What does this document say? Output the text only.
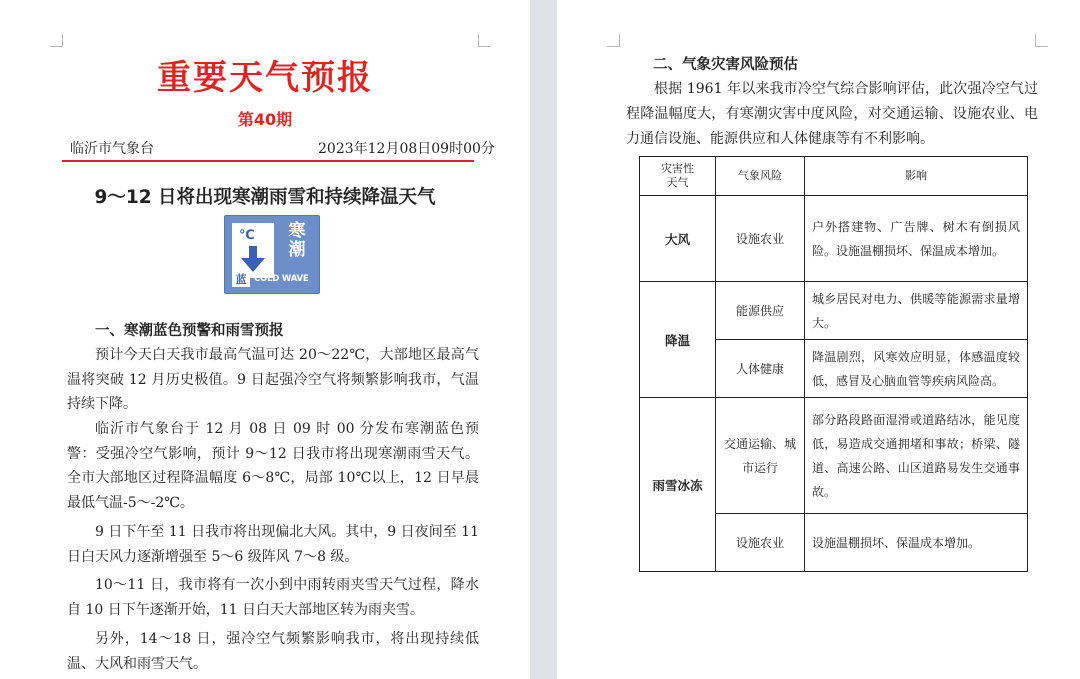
重要天气预报
第40期
临沂市气象台	2023年12月08日09时00分
9～12 日将出现寒潮雨雪和持续降温天气
℃	寒
潮
蓝 COLD WAVE
一、寒潮蓝色预警和雨雪预报
预计今天白天我市最高气温可达 20～22℃，大部地区最高气温将突破 12 月历史极值。9 日起强冷空气将频繁影响我市，气温持续下降。
临沂市气象台于 12 月 08 日 09 时 00 分发布寒潮蓝色预警：受强冷空气影响，预计 9～12 日我市将出现寒潮雨雪天气。全市大部地区过程降温幅度 6～8℃，局部 10℃以上，12 日早晨最低气温-5～-2℃。
9 日下午至 11 日我市将出现偏北大风。其中，9 日夜间至 11 日白天风力逐渐增强至 5～6 级阵风 7～8 级。
10～11 日，我市将有一次小到中雨转雨夹雪天气过程，降水自 10 日下午逐渐开始，11 日白天大部地区转为雨夹雪。
另外，14～18 日，强冷空气频繁影响我市，将出现持续低温、大风和雨雪天气。
二、气象灾害风险预估
根据 1961 年以来我市冷空气综合影响评估，此次强冷空气过程降温幅度大，有寒潮灾害中度风险，对交通运输、设施农业、电力通信设施、能源供应和人体健康等有不利影响。
灾害性
天气	气象风险	影响
大风	设施农业	户外搭建物、广告牌、树木有倒损风险。设施温棚损坏、保温成本增加。
降温	能源供应	城乡居民对电力、供暖等能源需求量增大。
	人体健康	降温剧烈，风寒效应明显，体感温度较低，感冒及心脑血管等疾病风险高。
雨雪冰冻	交通运输、城市运行	部分路段路面湿滑或道路结冰，能见度低，易造成交通拥堵和事故；桥梁、隧道、高速公路、山区道路易发生交通事故。
	设施农业	设施温棚损坏、保温成本增加。
